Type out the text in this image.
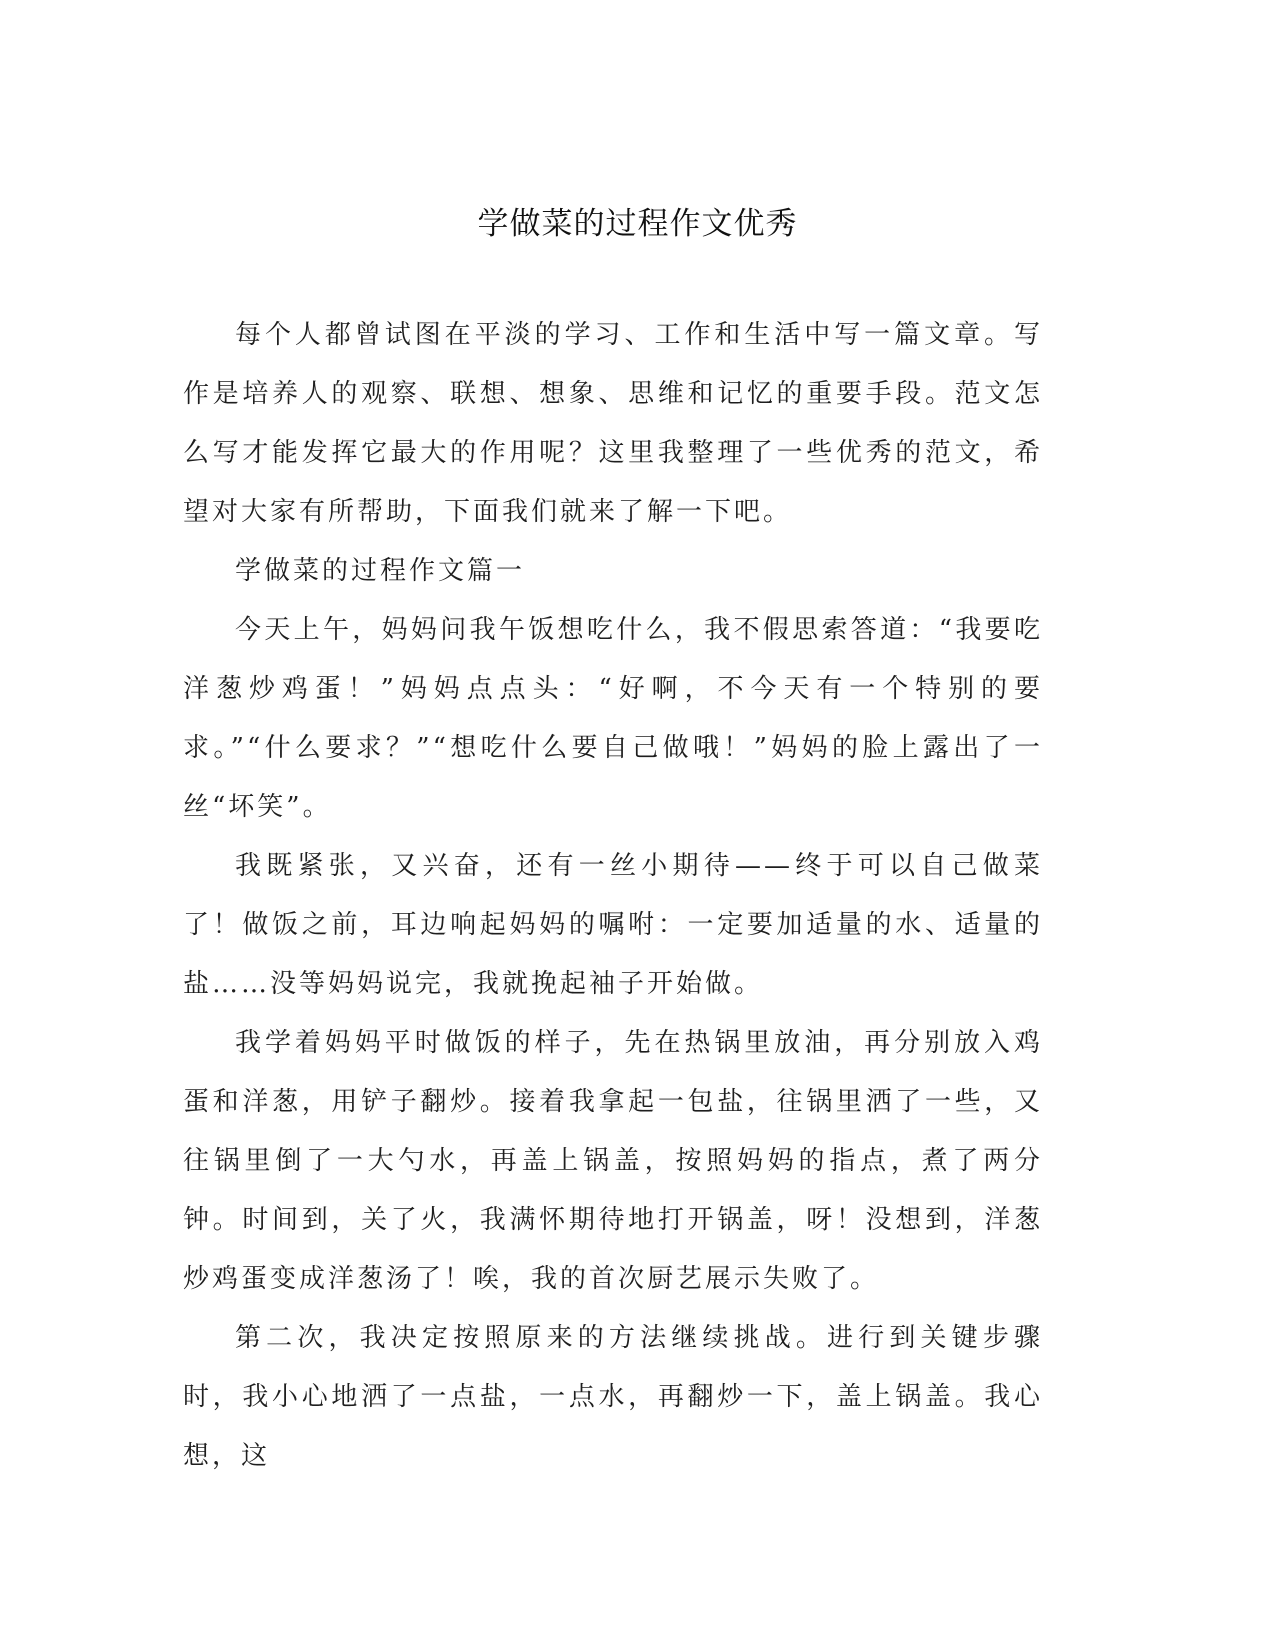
学做菜的过程作文优秀

每个人都曾试图在平淡的学习、工作和生活中写一篇文章。写作是培养人的观察、联想、想象、思维和记忆的重要手段。范文怎么写才能发挥它最大的作用呢？这里我整理了一些优秀的范文，希望对大家有所帮助，下面我们就来了解一下吧。

学做菜的过程作文篇一

今天上午，妈妈问我午饭想吃什么，我不假思索答道：“我要吃洋葱炒鸡蛋！”妈妈点点头：“好啊，不今天有一个特别的要求。”“什么要求？”“想吃什么要自己做哦！”妈妈的脸上露出了一丝“坏笑”。

我既紧张，又兴奋，还有一丝小期待——终于可以自己做菜了！做饭之前，耳边响起妈妈的嘱咐：一定要加适量的水、适量的盐……没等妈妈说完，我就挽起袖子开始做。

我学着妈妈平时做饭的样子，先在热锅里放油，再分别放入鸡蛋和洋葱，用铲子翻炒。接着我拿起一包盐，往锅里洒了一些，又往锅里倒了一大勺水，再盖上锅盖，按照妈妈的指点，煮了两分钟。时间到，关了火，我满怀期待地打开锅盖，呀！没想到，洋葱炒鸡蛋变成洋葱汤了！唉，我的首次厨艺展示失败了。

第二次，我决定按照原来的方法继续挑战。进行到关键步骤时，我小心地洒了一点盐，一点水，再翻炒一下，盖上锅盖。我心想，这
